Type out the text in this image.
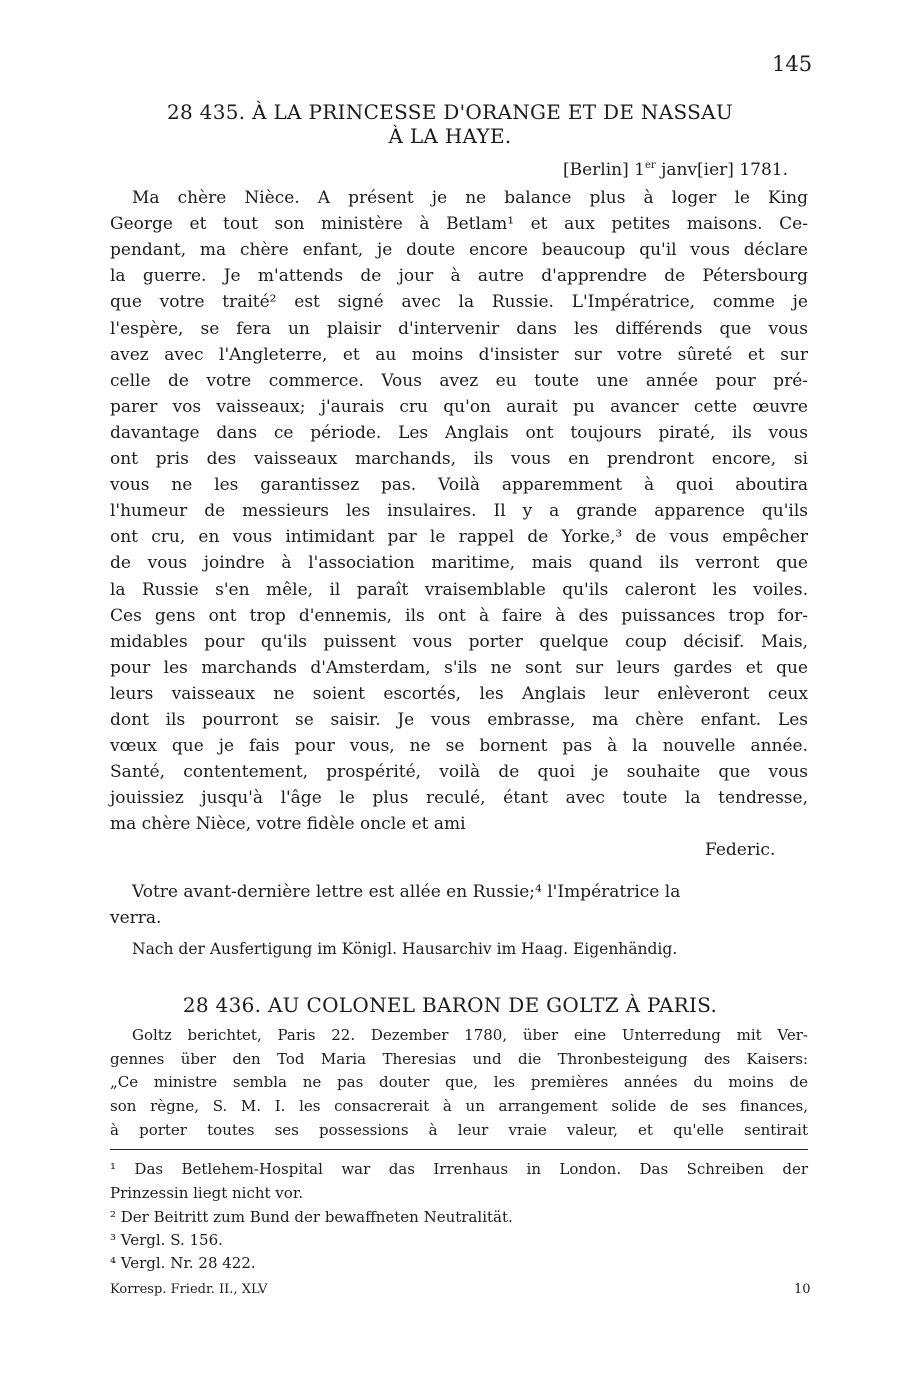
145
28 435. À LA PRINCESSE D'ORANGE ET DE NASSAU
À LA HAYE.
[Berlin] 1er janv[ier] 1781.
Ma chère Nièce. A présent je ne balance plus à loger le King
George et tout son ministère à Betlam¹ et aux petites maisons. Ce-
pendant, ma chère enfant, je doute encore beaucoup qu'il vous déclare
la guerre. Je m'attends de jour à autre d'apprendre de Pétersbourg
que votre traité² est signé avec la Russie. L'Impératrice, comme je
l'espère, se fera un plaisir d'intervenir dans les différends que vous
avez avec l'Angleterre, et au moins d'insister sur votre sûreté et sur
celle de votre commerce. Vous avez eu toute une année pour pré-
parer vos vaisseaux; j'aurais cru qu'on aurait pu avancer cette œuvre
davantage dans ce période. Les Anglais ont toujours piraté, ils vous
ont pris des vaisseaux marchands, ils vous en prendront encore, si
vous ne les garantissez pas. Voilà apparemment à quoi aboutira
l'humeur de messieurs les insulaires. Il y a grande apparence qu'ils
ont cru, en vous intimidant par le rappel de Yorke,³ de vous empêcher
de vous joindre à l'association maritime, mais quand ils verront que
la Russie s'en mêle, il paraît vraisemblable qu'ils caleront les voiles.
Ces gens ont trop d'ennemis, ils ont à faire à des puissances trop for-
midables pour qu'ils puissent vous porter quelque coup décisif. Mais,
pour les marchands d'Amsterdam, s'ils ne sont sur leurs gardes et que
leurs vaisseaux ne soient escortés, les Anglais leur enlèveront ceux
dont ils pourront se saisir. Je vous embrasse, ma chère enfant. Les
vœux que je fais pour vous, ne se bornent pas à la nouvelle année.
Santé, contentement, prospérité, voilà de quoi je souhaite que vous
jouissiez jusqu'à l'âge le plus reculé, étant avec toute la tendresse,
ma chère Nièce, votre fidèle oncle et ami
Federic.
Votre avant-dernière lettre est allée en Russie;⁴ l'Impératrice la
verra.
Nach der Ausfertigung im Königl. Hausarchiv im Haag. Eigenhändig.
28 436. AU COLONEL BARON DE GOLTZ À PARIS.
Goltz berichtet, Paris 22. Dezember 1780, über eine Unterredung mit Ver-
gennes über den Tod Maria Theresias und die Thronbesteigung des Kaisers:
„Ce ministre sembla ne pas douter que, les premières années du moins de
son règne, S. M. I. les consacrerait à un arrangement solide de ses finances,
à porter toutes ses possessions à leur vraie valeur, et qu'elle sentirait
¹ Das Betlehem-Hospital war das Irrenhaus in London. Das Schreiben der
Prinzessin liegt nicht vor.
² Der Beitritt zum Bund der bewaffneten Neutralität.
³ Vergl. S. 156.
⁴ Vergl. Nr. 28 422.
Korresp. Friedr. II., XLV	10
